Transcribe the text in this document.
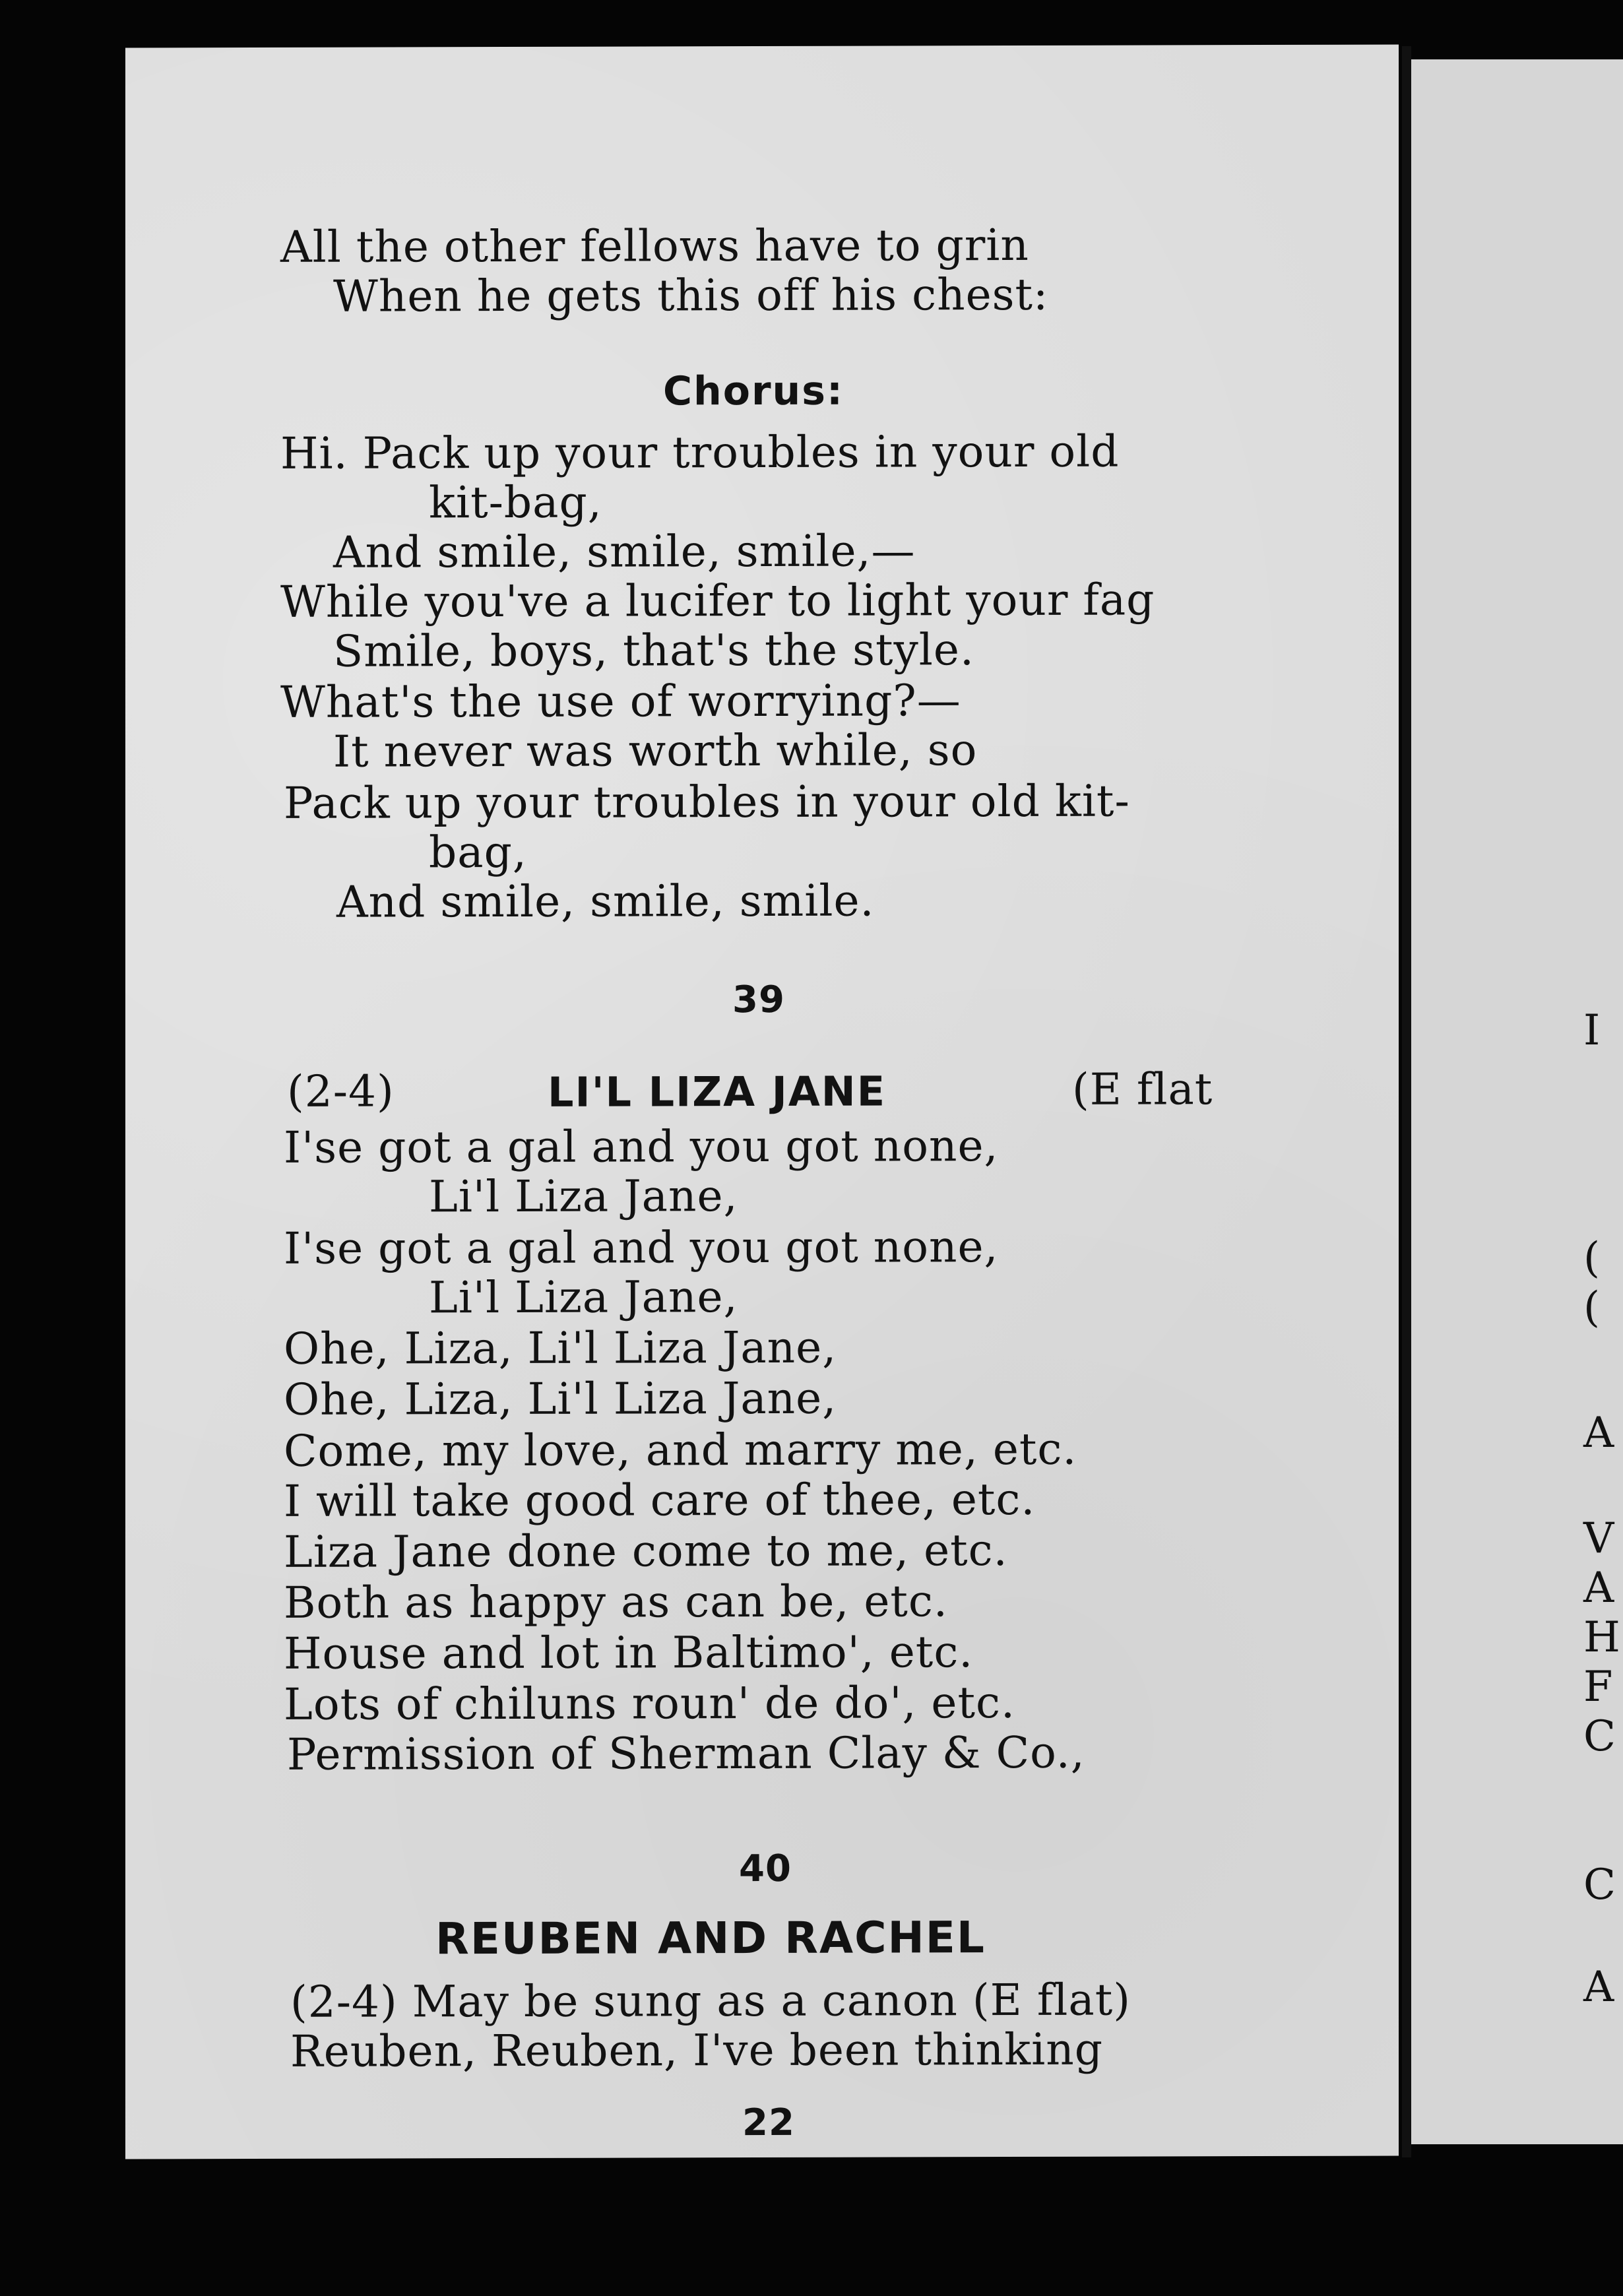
All the other fellows have to grin

When he gets this off his chest:

Chorus:

Hi. Pack up your troubles in your old

kit-bag,

And smile, smile, smile,—

While you've a lucifer to light your fag

Smile, boys, that's the style.

What's the use of worrying?—

It never was worth while, so

Pack up your troubles in your old kit-

bag,

And smile, smile, smile.

39

(2-4)

	LI'L LIZA JANE

	(E flat

I'se got a gal and you got none,

Li'l Liza Jane,

I'se got a gal and you got none,

Li'l Liza Jane,

Ohe, Liza, Li'l Liza Jane,

Ohe, Liza, Li'l Liza Jane,

Come, my love, and marry me, etc.

I will take good care of thee, etc.

Liza Jane done come to me, etc.

Both as happy as can be, etc.

House and lot in Baltimo', etc.

Lots of chiluns roun' de do', etc.

Permission of Sherman Clay & Co.,

40

REUBEN AND RACHEL

(2-4) May be sung as a canon (E flat)

Reuben, Reuben, I've been thinking

22

(
(
A
V
A
H
F
C
C
A
I
